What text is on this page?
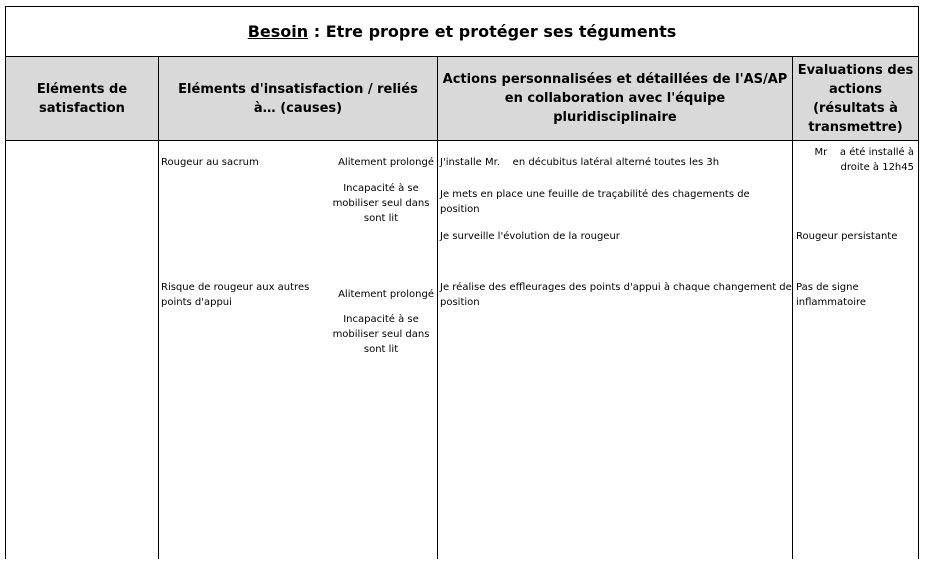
Besoin : Etre propre et protéger ses téguments
Eléments de satisfaction
Eléments d'insatisfaction / reliés à… (causes)
Actions personnalisées et détaillées de l'AS/AP en collaboration avec l'équipe pluridisciplinaire
Evaluations des actions (résultats à transmettre)
Rougeur au sacrum	Alitement prolongé
Incapacité à se mobiliser seul dans sont lit
J'installe Mr.    en décubitus latéral alterné toutes les 3h
Je mets en place une feuille de traçabilité des chagements de position
Je surveille l'évolution de la rougeur
Mr    a été installé à droite à 12h45
Rougeur persistante
Risque de rougeur aux autres points d'appui
Alitement prolongé
Incapacité à se mobiliser seul dans sont lit
Je réalise des effleurages des points d'appui à chaque changement de position
Pas de signe inflammatoire
